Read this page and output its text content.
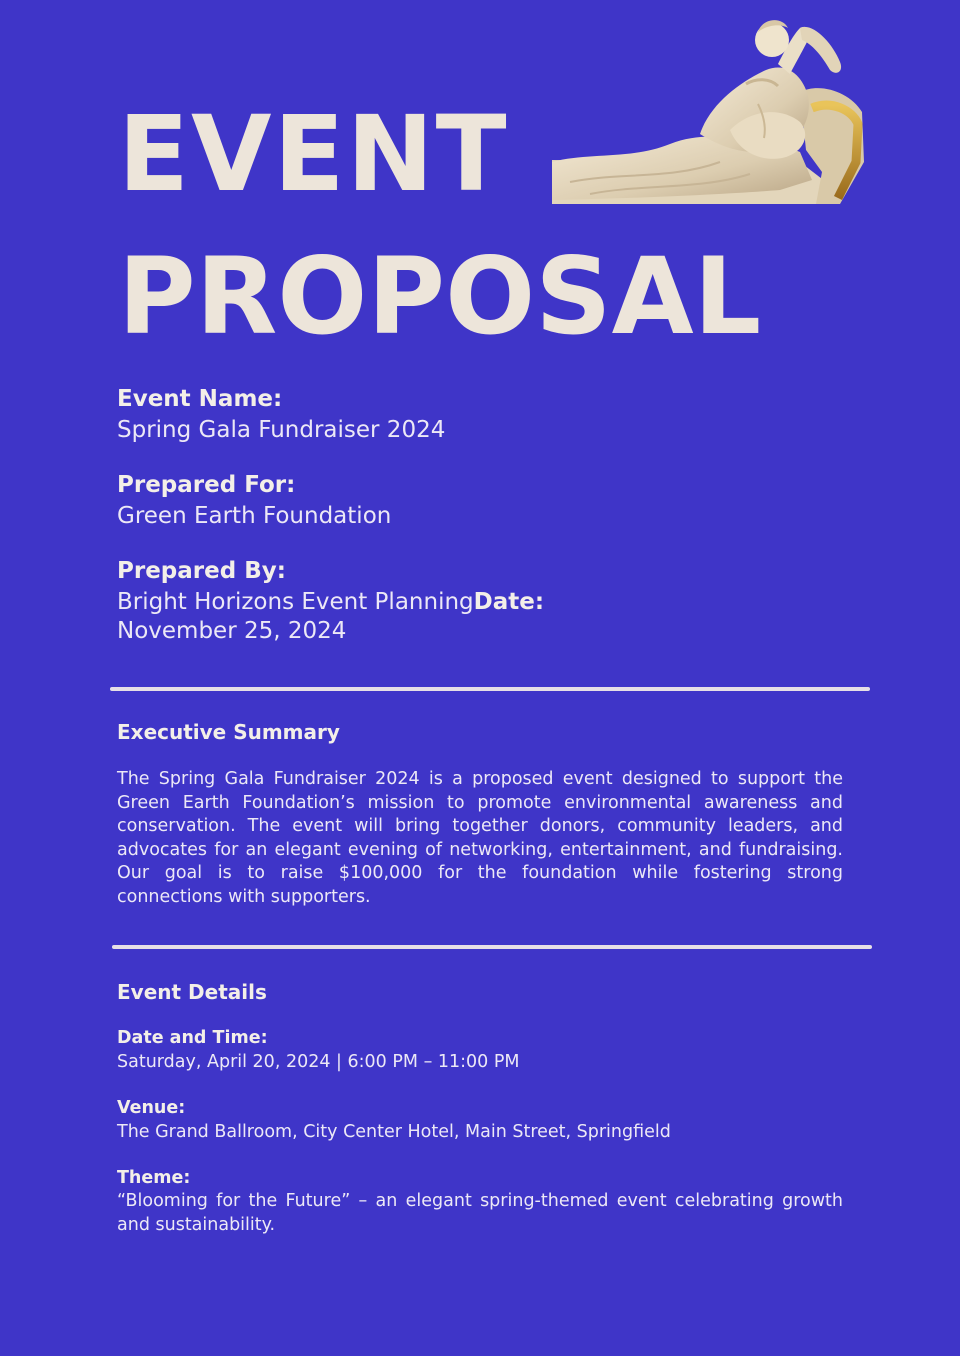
EVENT
PROPOSAL
Event Name:
Spring Gala Fundraiser 2024
Prepared For:
Green Earth Foundation
Prepared By:
Bright Horizons Event PlanningDate:
November 25, 2024
Executive Summary

The Spring Gala Fundraiser 2024 is a proposed event designed to support the Green Earth Foundation’s mission to promote environmental awareness and conservation. The event will bring together donors, community leaders, and advocates for an elegant evening of networking, entertainment, and fundraising. Our goal is to raise $100,000 for the foundation while fostering strong connections with supporters.

Event Details
Date and Time:
Saturday, April 20, 2024 | 6:00 PM – 11:00 PM
Venue:
The Grand Ballroom, City Center Hotel, Main Street, Springfield
Theme:
“Blooming for the Future” – an elegant spring-themed event celebrating growth and sustainability.
